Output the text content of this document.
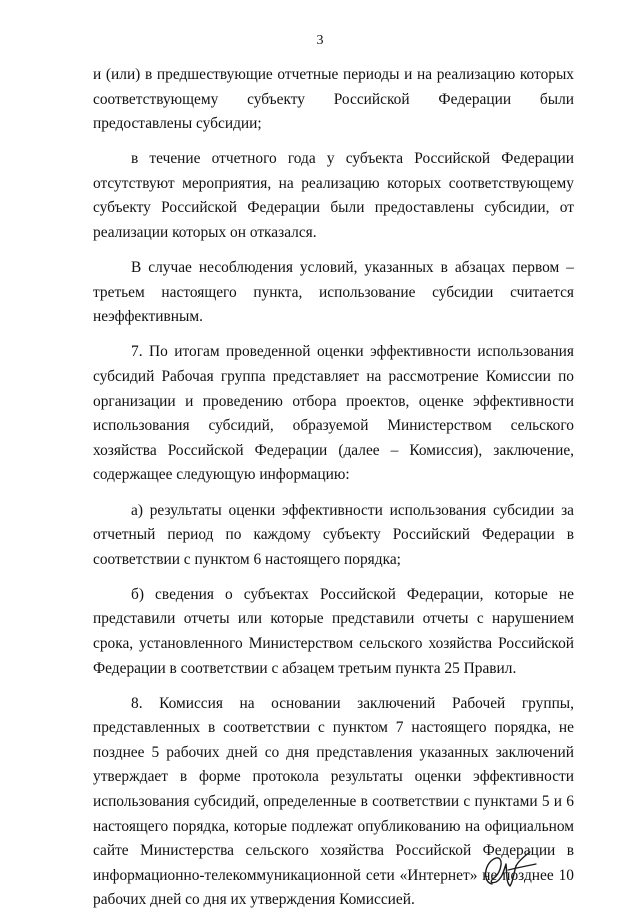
3

и (или) в предшествующие отчетные периоды и на реализацию которых соответствующему субъекту Российской Федерации были предоставлены субсидии;

в течение отчетного года у субъекта Российской Федерации отсутствуют мероприятия, на реализацию которых соответствующему субъекту Российской Федерации были предоставлены субсидии, от реализации которых он отказался.

В случае несоблюдения условий, указанных в абзацах первом – третьем настоящего пункта, использование субсидии считается неэффективным.

7. По итогам проведенной оценки эффективности использования субсидий Рабочая группа представляет на рассмотрение Комиссии по организации и проведению отбора проектов, оценке эффективности использования субсидий, образуемой Министерством сельского хозяйства Российской Федерации (далее – Комиссия), заключение, содержащее следующую информацию:

а) результаты оценки эффективности использования субсидии за отчетный период по каждому субъекту Российский Федерации в соответствии с пунктом 6 настоящего порядка;

б) сведения о субъектах Российской Федерации, которые не представили отчеты или которые представили отчеты с нарушением срока, установленного Министерством сельского хозяйства Российской Федерации в соответствии с абзацем третьим пункта 25 Правил.

8. Комиссия на основании заключений Рабочей группы, представленных в соответствии с пунктом 7 настоящего порядка, не позднее 5 рабочих дней со дня представления указанных заключений утверждает в форме протокола результаты оценки эффективности использования субсидий, определенные в соответствии с пунктами 5 и 6 настоящего порядка, которые подлежат опубликованию на официальном сайте Министерства сельского хозяйства Российской Федерации в информационно-телекоммуникационной сети «Интернет» не позднее 10 рабочих дней со дня их утверждения Комиссией.
